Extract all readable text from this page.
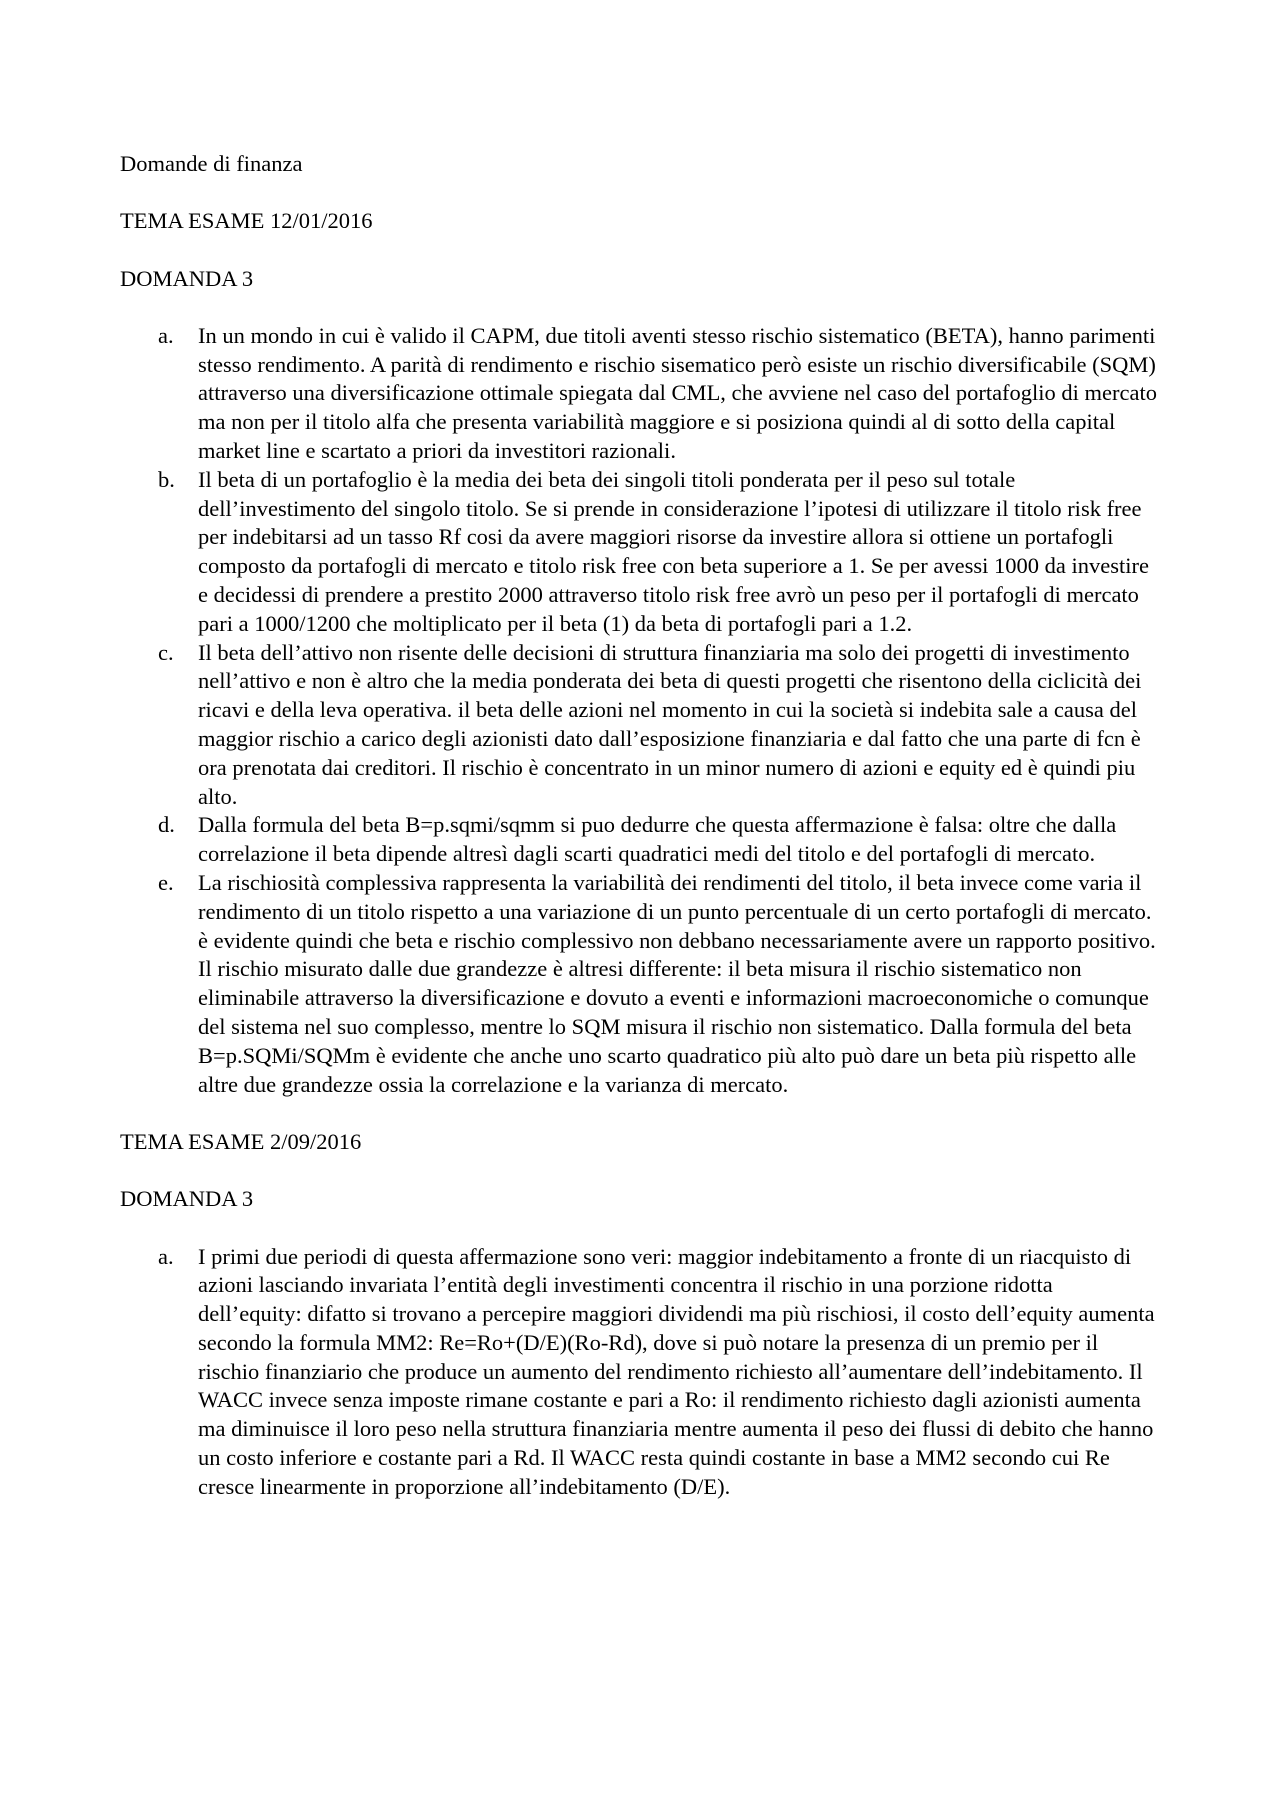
Domande di finanza

TEMA ESAME 12/01/2016

DOMANDA 3

a. In un mondo in cui è valido il CAPM, due titoli aventi stesso rischio sistematico (BETA), hanno parimenti stesso rendimento. A parità di rendimento e rischio sisematico però esiste un rischio diversificabile (SQM) attraverso una diversificazione ottimale spiegata dal CML, che avviene nel caso del portafoglio di mercato ma non per il titolo alfa che presenta variabilità maggiore e si posiziona quindi al di sotto della capital market line e scartato a priori da investitori razionali.
b. Il beta di un portafoglio è la media dei beta dei singoli titoli ponderata per il peso sul totale dell’investimento del singolo titolo. Se si prende in considerazione l’ipotesi di utilizzare il titolo risk free per indebitarsi ad un tasso Rf cosi da avere maggiori risorse da investire allora si ottiene un portafogli composto da portafogli di mercato e titolo risk free con beta superiore a 1. Se per avessi 1000 da investire e decidessi di prendere a prestito 2000 attraverso titolo risk free avrò un peso per il portafogli di mercato pari a 1000/1200 che moltiplicato per il beta (1) da beta di portafogli pari a 1.2.
c. Il beta dell’attivo non risente delle decisioni di struttura finanziaria ma solo dei progetti di investimento nell’attivo e non è altro che la media ponderata dei beta di questi progetti che risentono della ciclicità dei ricavi e della leva operativa. il beta delle azioni nel momento in cui la società si indebita sale a causa del maggior rischio a carico degli azionisti dato dall’esposizione finanziaria e dal fatto che una parte di fcn è ora prenotata dai creditori. Il rischio è concentrato in un minor numero di azioni e equity ed è quindi piu alto.
d. Dalla formula del beta B=p.sqmi/sqmm si puo dedurre che questa affermazione è falsa: oltre che dalla correlazione il beta dipende altresì dagli scarti quadratici medi del titolo e del portafogli di mercato.
e. La rischiosità complessiva rappresenta la variabilità dei rendimenti del titolo, il beta invece come varia il rendimento di un titolo rispetto a una variazione di un punto percentuale di un certo portafogli di mercato. è evidente quindi che beta e rischio complessivo non debbano necessariamente avere un rapporto positivo. Il rischio misurato dalle due grandezze è altresi differente: il beta misura il rischio sistematico non eliminabile attraverso la diversificazione e dovuto a eventi e informazioni macroeconomiche o comunque del sistema nel suo complesso, mentre lo SQM misura il rischio non sistematico. Dalla formula del beta B=p.SQMi/SQMm è evidente che anche uno scarto quadratico più alto può dare un beta più rispetto alle altre due grandezze ossia la correlazione e la varianza di mercato.

TEMA ESAME 2/09/2016

DOMANDA 3

a. I primi due periodi di questa affermazione sono veri: maggior indebitamento a fronte di un riacquisto di azioni lasciando invariata l’entità degli investimenti concentra il rischio in una porzione ridotta dell’equity: difatto si trovano a percepire maggiori dividendi ma più rischiosi, il costo dell’equity aumenta secondo la formula MM2: Re=Ro+(D/E)(Ro-Rd), dove si può notare la presenza di un premio per il rischio finanziario che produce un aumento del rendimento richiesto all’aumentare dell’indebitamento. Il WACC invece senza imposte rimane costante e pari a Ro: il rendimento richiesto dagli azionisti aumenta ma diminuisce il loro peso nella struttura finanziaria mentre aumenta il peso dei flussi di debito che hanno un costo inferiore e costante pari a Rd. Il WACC resta quindi costante in base a MM2 secondo cui Re cresce linearmente in proporzione all’indebitamento (D/E).
